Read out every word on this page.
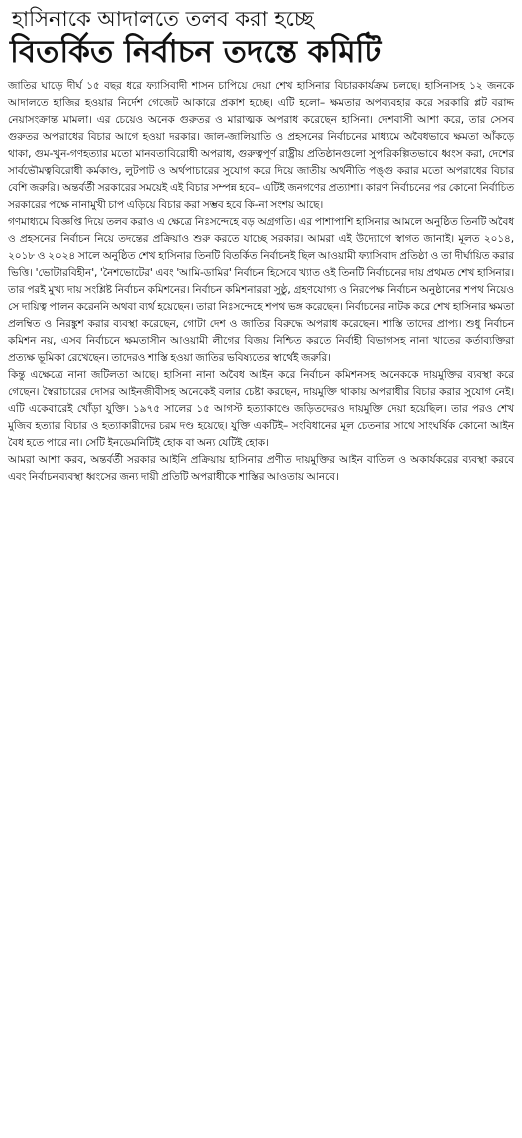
হাসিনাকে আদালতে তলব করা হচ্ছে
বিতর্কিত নির্বাচন তদন্তে কমিটি

জাতির ঘাড়ে দীর্ঘ ১৫ বছর ধরে ফ্যাসিবাদী শাসন চাপিয়ে দেয়া শেখ হাসিনার বিচারকার্যক্রম চলছে। হাসিনাসহ ১২ জনকে আদালতে হাজির হওয়ার নির্দেশ গেজেট আকারে প্রকাশ হচ্ছে। এটি হলো– ক্ষমতার অপব্যবহার করে সরকারি প্লট বরাদ্দ নেয়াসংক্রান্ত মামলা। এর চেয়েও অনেক গুরুতর ও মারাত্মক অপরাধ করেছেন হাসিনা। দেশবাসী আশা করে, তার সেসব গুরুতর অপরাধের বিচার আগে হওয়া দরকার। জাল-জালিয়াতি ও প্রহসনের নির্বাচনের মাধ্যমে অবৈধভাবে ক্ষমতা আঁকড়ে থাকা, গুম-খুন-গণহত্যার মতো মানবতাবিরোধী অপরাধ, গুরুত্বপূর্ণ রাষ্ট্রীয় প্রতিষ্ঠানগুলো সুপরিকল্পিতভাবে ধ্বংস করা, দেশের সার্বভৌমত্ববিরোধী কর্মকাণ্ড, লুটপাট ও অর্থপাচারের সুযোগ করে দিয়ে জাতীয় অর্থনীতি পঙ্গু করার মতো অপরাধের বিচার বেশি জরুরি। অন্তর্বর্তী সরকারের সময়েই এই বিচার সম্পন্ন হবে– এটিই জনগণের প্রত্যাশা। কারণ নির্বাচনের পর কোনো নির্বাচিত সরকারের পক্ষে নানামুখী চাপ এড়িয়ে বিচার করা সম্ভব হবে কি-না সংশয় আছে।

গণমাধ্যমে বিজ্ঞপ্তি দিয়ে তলব করাও এ ক্ষেত্রে নিঃসন্দেহে বড় অগ্রগতি। এর পাশাপাশি হাসিনার আমলে অনুষ্ঠিত তিনটি অবৈধ ও প্রহসনের নির্বাচন নিয়ে তদন্তের প্রক্রিয়াও শুরু করতে যাচ্ছে সরকার। আমরা এই উদ্যোগে স্বাগত জানাই। মূলত ২০১৪, ২০১৮ ও ২০২৪ সালে অনুষ্ঠিত শেখ হাসিনার তিনটি বিতর্কিত নির্বাচনই ছিল আওয়ামী ফ্যাসিবাদ প্রতিষ্ঠা ও তা দীর্ঘায়িত করার ভিত্তি। 'ভোটারবিহীন', 'নৈশভোটের' এবং 'আমি-ডামির' নির্বাচন হিসেবে খ্যাত ওই তিনটি নির্বাচনের দায় প্রথমত শেখ হাসিনার। তার পরই মুখ্য দায় সংশ্লিষ্ট নির্বাচন কমিশনের। নির্বাচন কমিশনাররা সুষ্ঠু, গ্রহণযোগ্য ও নিরপেক্ষ নির্বাচন অনুষ্ঠানের শপথ নিয়েও সে দায়িত্ব পালন করেননি অথবা ব্যর্থ হয়েছেন। তারা নিঃসন্দেহে শপথ ভঙ্গ করেছেন। নির্বাচনের নাটক করে শেখ হাসিনার ক্ষমতা প্রলম্বিত ও নিরঙ্কুশ করার ব্যবস্থা করেছেন, গোটা দেশ ও জাতির বিরুদ্ধে অপরাধ করেছেন। শাস্তি তাদের প্রাপ্য। শুধু নির্বাচন কমিশন নয়, এসব নির্বাচনে ক্ষমতাসীন আওয়ামী লীগের বিজয় নিশ্চিত করতে নির্বাহী বিভাগসহ নানা খাতের কর্তাব্যক্তিরা প্রত্যক্ষ ভূমিকা রেখেছেন। তাদেরও শাস্তি হওয়া জাতির ভবিষ্যতের স্বার্থেই জরুরি।

কিন্তু এক্ষেত্রে নানা জটিলতা আছে। হাসিনা নানা অবৈধ আইন করে নির্বাচন কমিশনসহ অনেককে দায়মুক্তির ব্যবস্থা করে গেছেন। স্বৈরাচারের দোসর আইনজীবীসহ অনেকেই বলার চেষ্টা করছেন, দায়মুক্তি থাকায় অপরাধীর বিচার করার সুযোগ নেই। এটি একেবারেই খোঁড়া যুক্তি। ১৯৭৫ সালের ১৫ আগস্ট হত্যাকাণ্ডে জড়িতদেরও দায়মুক্তি দেয়া হয়েছিল। তার পরও শেখ মুজিব হত্যার বিচার ও হত্যাকারীদের চরম দণ্ড হয়েছে। যুক্তি একটিই– সংবিধানের মূল চেতনার সাথে সাংঘর্ষিক কোনো আইন বৈধ হতে পারে না। সেটি ইনডেমনিটিই হোক বা অন্য যেটিই হোক।

আমরা আশা করব, অন্তর্বর্তী সরকার আইনি প্রক্রিয়ায় হাসিনার প্রণীত দায়মুক্তির আইন বাতিল ও অকার্যকরের ব্যবস্থা করবে এবং নির্বাচনব্যবস্থা ধ্বংসের জন্য দায়ী প্রতিটি অপরাধীকে শাস্তির আওতায় আনবে।
